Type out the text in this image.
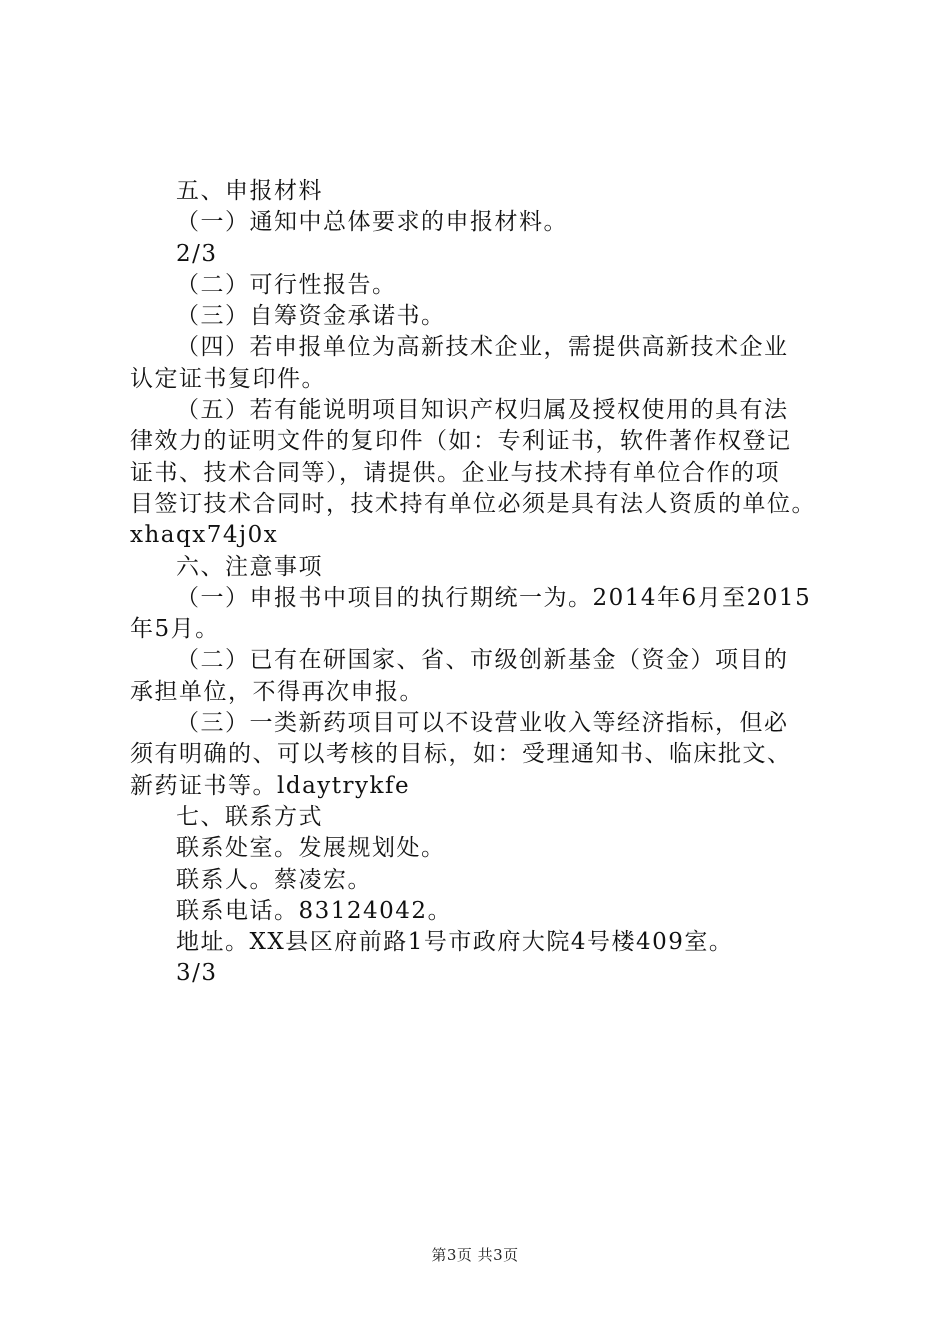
五、申报材料
（一）通知中总体要求的申报材料。
2/3
（二）可行性报告。
（三）自筹资金承诺书。
（四）若申报单位为高新技术企业，需提供高新技术企业
认定证书复印件。
（五）若有能说明项目知识产权归属及授权使用的具有法
律效力的证明文件的复印件（如：专利证书，软件著作权登记
证书、技术合同等），请提供。企业与技术持有单位合作的项
目签订技术合同时，技术持有单位必须是具有法人资质的单位。
xhaqx74j0x
六、注意事项
（一）申报书中项目的执行期统一为。2014年6月至2015
年5月。
（二）已有在研国家、省、市级创新基金（资金）项目的
承担单位，不得再次申报。
（三）一类新药项目可以不设营业收入等经济指标，但必
须有明确的、可以考核的目标，如：受理通知书、临床批文、
新药证书等。ldaytrykfe
七、联系方式
联系处室。发展规划处。
联系人。蔡凌宏。
联系电话。83124042。
地址。XX县区府前路1号市政府大院4号楼409室。
3/3
第3页 共3页
